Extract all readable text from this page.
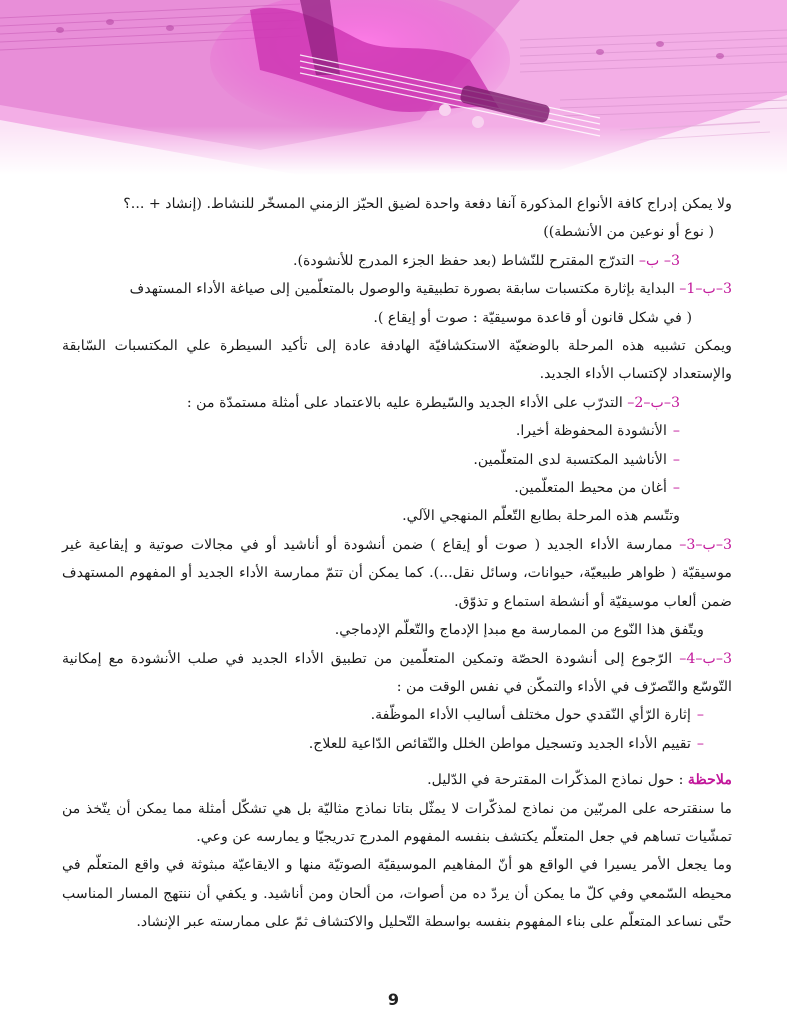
ولا يمكن إدراج كافة الأنواع المذكورة آنفا دفعة واحدة لضيق الحيّز الزمني المسخّر للنشاط. (إنشاد + ...؟

( نوع أو نوعين من الأنشطة))

3– ب– التدرّج المقترح للنّشاط (بعد حفظ الجزء المدرج للأنشودة).

3–ب–1– البداية بإثارة مكتسبات سابقة بصورة تطبيقية والوصول بالمتعلّمين إلى صياغة الأداء المستهدف

( في شكل قانون أو قاعدة موسيقيّة : صوت أو إيقاع ).

ويمكن تشبيه هذه المرحلة بالوضعيّة الاستكشافيّة الهادفة عادة إلى تأكيد السيطرة علي المكتسبات السّابقة والإستعداد لإكتساب الأداء الجديد.

3–ب–2– التدرّب على الأداء الجديد والسّيطرة عليه بالاعتماد على أمثلة مستمدّة من :

–الأنشودة المحفوظة أخيرا.

–الأناشيد المكتسبة لدى المتعلّمين.

–أغان من محيط المتعلّمين.

وتتّسم هذه المرحلة بطابع التّعلّم المنهجي الآلي.

3–ب–3– ممارسة الأداء الجديد ( صوت أو إيقاع ) ضمن أنشودة أو أناشيد أو في مجالات صوتية و إيقاعية غير موسيقيّة ( ظواهر طبيعيّة، حيوانات، وسائل نقل...). كما يمكن أن تتمّ ممارسة الأداء الجديد أو المفهوم المستهدف ضمن ألعاب موسيقيّة أو أنشطة استماع و تذوّق.

ويتّفق هذا النّوع من الممارسة مع مبدإ الإدماج والتّعلّم الإدماجي.

3–ب–4– الرّجوع إلى أنشودة الحصّة وتمكين المتعلّمين من تطبيق الأداء الجديد في صلب الأنشودة مع إمكانية التّوسّع والتّصرّف في الأداء والتمكّن في نفس الوقت من :

–إثارة الرّأي النّقدي حول مختلف أساليب الأداء الموظّفة.

–تقييم الأداء الجديد وتسجيل مواطن الخلل والنّقائص الدّاعية للعلاج.

ملاحظة : حول نماذج المذكّرات المقترحة في الدّليل.

ما سنقترحه على المربّين من نماذج لمذكّرات لا يمثّل بتاتا نماذج مثاليّة بل هي تشكّل أمثلة مما يمكن أن يتّخذ من تمشّيات تساهم في جعل المتعلّم يكتشف بنفسه المفهوم المدرج تدريجيّا و يمارسه عن وعي.

وما يجعل الأمر يسيرا في الواقع هو أنّ المفاهيم الموسيقيّة الصوتيّة منها و الايقاعيّة مبثوثة في واقع المتعلّم في محيطه السّمعي وفي كلّ ما يمكن أن يردّ ده من أصوات، من ألحان ومن أناشيد. و يكفي أن ننتهج المسار المناسب حتّى نساعد المتعلّم على بناء المفهوم بنفسه بواسطة التّحليل والاكتشاف ثمّ على ممارسته عبر الإنشاد.

9
